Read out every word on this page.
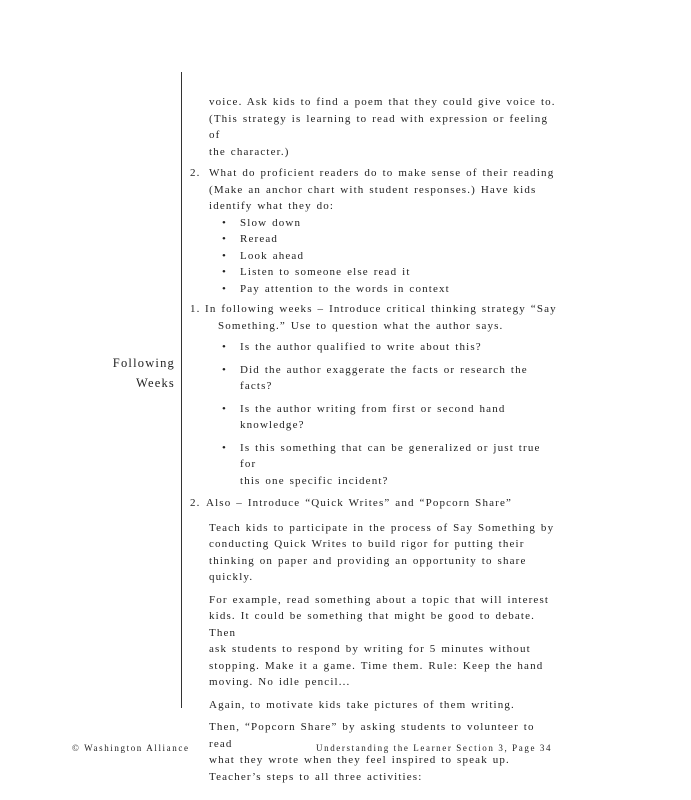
Following
Weeks

voice. Ask kids to find a poem that they could give voice to.

(This strategy is learning to read with expression or feeling of

the character.)

2. What do proficient readers do to make sense of their reading

(Make an anchor chart with student responses.) Have kids

identify what they do:

• Slow down
• Reread
• Look ahead
• Listen to someone else read it
• Pay attention to the words in context
1. In following weeks – Introduce critical thinking strategy “Say

Something.” Use to question what the author says.

• Is the author qualified to write about this?
• Did the author exaggerate the facts or research the facts?
• Is the author writing from first or second hand
knowledge?
• Is this something that can be generalized or just true for
this one specific incident?
2. Also – Introduce “Quick Writes” and “Popcorn Share”

Teach kids to participate in the process of Say Something by

conducting Quick Writes to build rigor for putting their

thinking on paper and providing an opportunity to share

quickly.

For example, read something about a topic that will interest

kids. It could be something that might be good to debate. Then

ask students to respond by writing for 5 minutes without

stopping. Make it a game. Time them. Rule: Keep the hand

moving. No idle pencil...

Again, to motivate kids take pictures of them writing.

Then, “Popcorn Share” by asking students to volunteer to read

what they wrote when they feel inspired to speak up.

Teacher’s steps to all three activities:

© Washington Alliance	Understanding the Learner Section 3, Page 34
